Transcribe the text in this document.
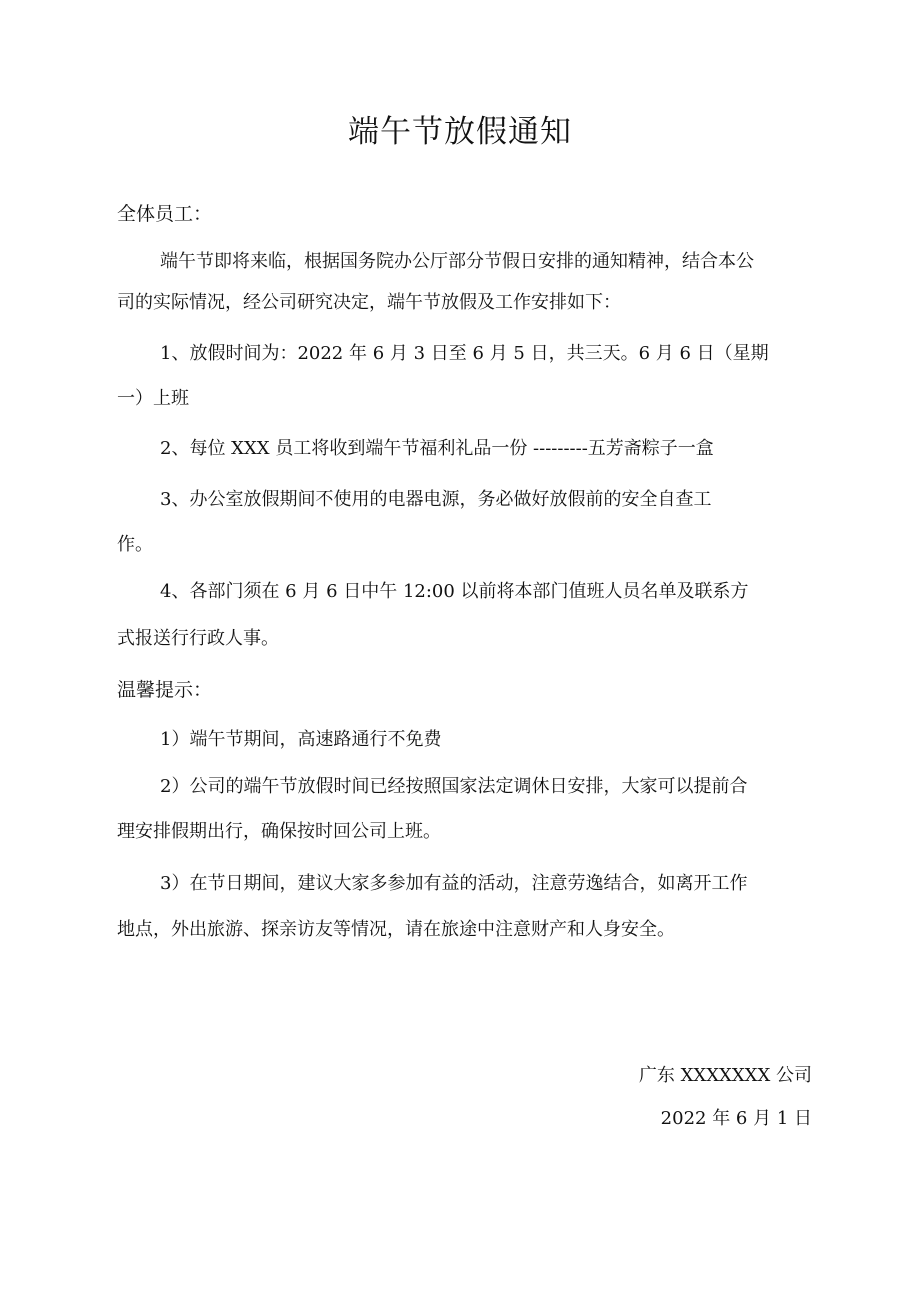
端午节放假通知
全体员工：
端午节即将来临，根据国务院办公厅部分节假日安排的通知精神，结合本公
司的实际情况，经公司研究决定，端午节放假及工作安排如下：
1、放假时间为：2022 年 6 月 3 日至 6 月 5 日，共三天。6 月 6 日（星期
一）上班
2、每位 XXX 员工将收到端午节福利礼品一份 ---------五芳斋粽子一盒
3、办公室放假期间不使用的电器电源，务必做好放假前的安全自查工
作。
4、各部门须在 6 月 6 日中午 12:00 以前将本部门值班人员名单及联系方
式报送行行政人事。
温馨提示：
1）端午节期间，高速路通行不免费
2）公司的端午节放假时间已经按照国家法定调休日安排，大家可以提前合
理安排假期出行，确保按时回公司上班。
3）在节日期间，建议大家多参加有益的活动，注意劳逸结合，如离开工作
地点，外出旅游、探亲访友等情况，请在旅途中注意财产和人身安全。
广东 XXXXXXX 公司
2022 年 6 月 1 日
